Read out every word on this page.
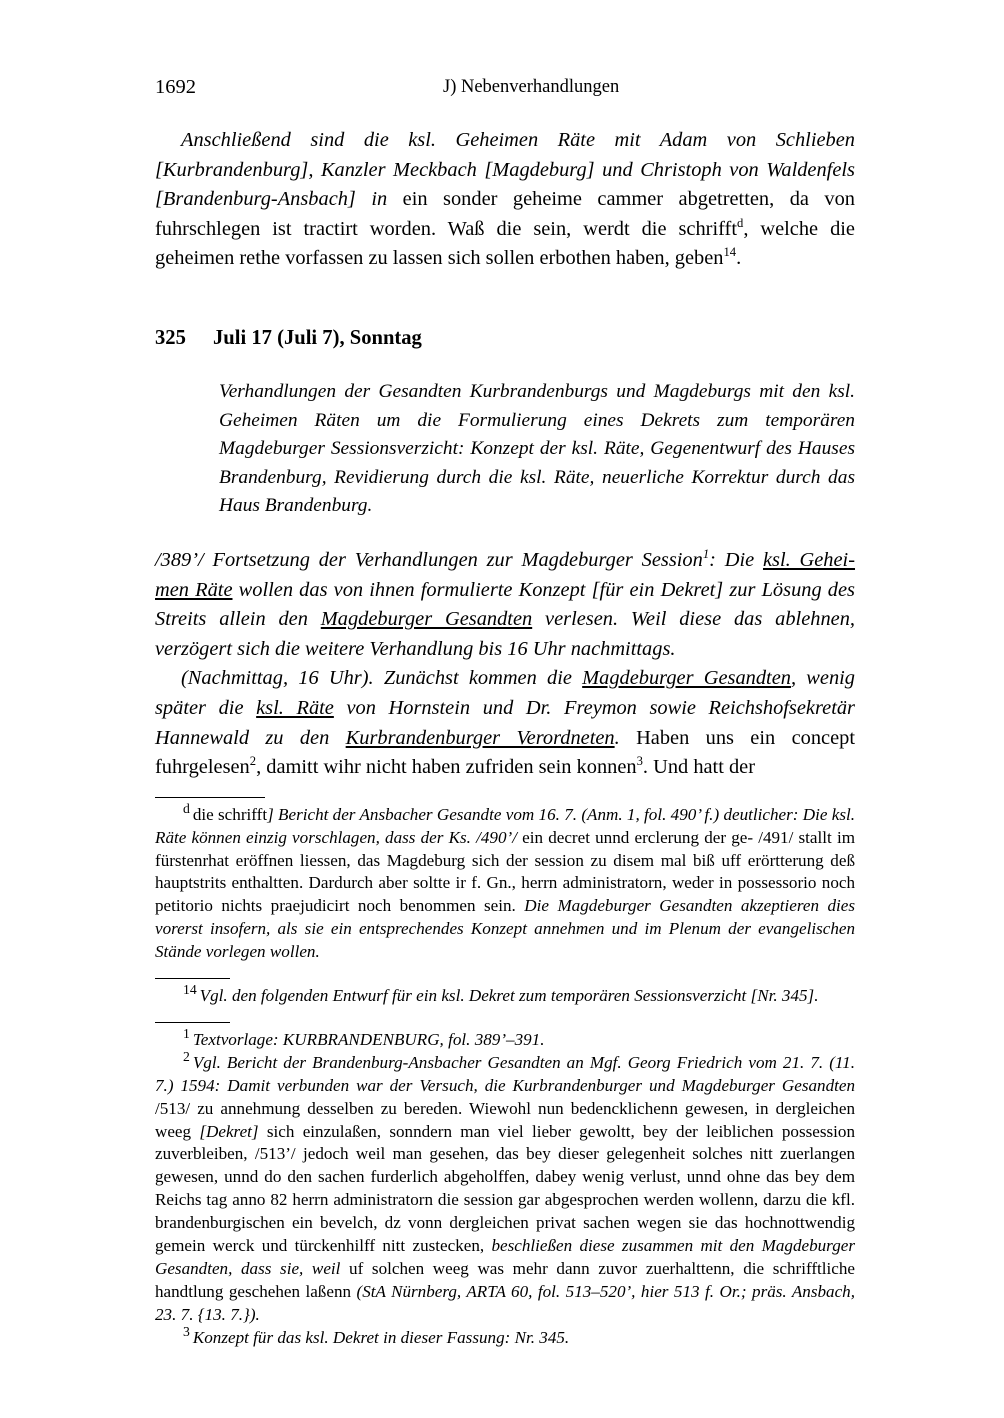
1692	J) Nebenverhandlungen

Anschließend sind die ksl. Geheimen Räte mit Adam von Schlieben [Kurbrandenburg], Kanzler Meckbach [Magdeburg] und Christoph von Waldenfels [Brandenburg-Ansbach] in ein sonder geheime cammer abgetretten, da von fuhrschlegen ist tractirt worden. Waß die sein, werdt die schrifft$^d$, welche die geheimen rethe vorfassen zu lassen sich sollen erbothen haben, geben$^{14}$.

325 Juli 17 (Juli 7), Sonntag

Verhandlungen der Gesandten Kurbrandenburgs und Magdeburgs mit den ksl. Geheimen Räten um die Formulierung eines Dekrets zum temporären Magdeburger Sessionsverzicht: Konzept der ksl. Räte, Gegenentwurf des Hauses Brandenburg, Revidierung durch die ksl. Räte, neuerliche Korrektur durch das Haus Brandenburg.

/389’/ Fortsetzung der Verhandlungen zur Magdeburger Session$^1$: Die ksl. Gehei-men Räte wollen das von ihnen formulierte Konzept [für ein Dekret] zur Lösung des Streits allein den Magdeburger Gesandten verlesen. Weil diese das ablehnen, verzögert sich die weitere Verhandlung bis 16 Uhr nachmittags.

(Nachmittag, 16 Uhr). Zunächst kommen die Magdeburger Gesandten, wenig später die ksl. Räte von Hornstein und Dr. Freymon sowie Reichshofsekretär Hannewald zu den Kurbrandenburger Verordneten. Haben uns ein concept fuhrgelesen$^2$, damitt wihr nicht haben zufriden sein konnen$^3$. Und hatt der

$^d$ die schrifft] Bericht der Ansbacher Gesandte vom 16. 7. (Anm. 1, fol. 490’ f.) deutlicher: Die ksl. Räte können einzig vorschlagen, dass der Ks. /490’/ ein decret unnd erclerung der ge- /491/ stallt im fürstenrhat eröffnen liessen, das Magdeburg sich der session zu disem mal biß uff erörtterung deß hauptstrits enthaltten. Dardurch aber soltte ir f. Gn., herrn administratorn, weder in possessorio noch petitorio nichts praejudicirt noch benommen sein. Die Magdeburger Gesandten akzeptieren dies vorerst insofern, als sie ein entsprechendes Konzept annehmen und im Plenum der evangelischen Stände vorlegen wollen.

$^{14}$ Vgl. den folgenden Entwurf für ein ksl. Dekret zum temporären Sessionsverzicht [Nr. 345].

$^1$ Textvorlage: KURBRANDENBURG, fol. 389’–391.

$^2$ Vgl. Bericht der Brandenburg-Ansbacher Gesandten an Mgf. Georg Friedrich vom 21. 7. (11. 7.) 1594: Damit verbunden war der Versuch, die Kurbrandenburger und Magdeburger Gesandten /513/ zu annehmung desselben zu bereden. Wiewohl nun bedencklichenn gewesen, in dergleichen weeg [Dekret] sich einzulaßen, sonndern man viel lieber gewoltt, bey der leiblichen possession zuverbleiben, /513’/ jedoch weil man gesehen, das bey dieser gelegenheit solches nitt zuerlangen gewesen, unnd do den sachen furderlich abgeholffen, dabey wenig verlust, unnd ohne das bey dem Reichs tag anno 82 herrn administratorn die session gar abgesprochen werden wollenn, darzu die kfl. brandenburgischen ein bevelch, dz vonn dergleichen privat sachen wegen sie das hochnottwendig gemein werck und türckenhilff nitt zustecken, beschließen diese zusammen mit den Magdeburger Gesandten, dass sie, weil uf solchen weeg was mehr dann zuvor zuerhalttenn, die schrifftliche handtlung geschehen laßenn (StA Nürnberg, ARTA 60, fol. 513–520’, hier 513 f. Or.; präs. Ansbach, 23. 7. {13. 7.}).

$^3$ Konzept für das ksl. Dekret in dieser Fassung: Nr. 345.
